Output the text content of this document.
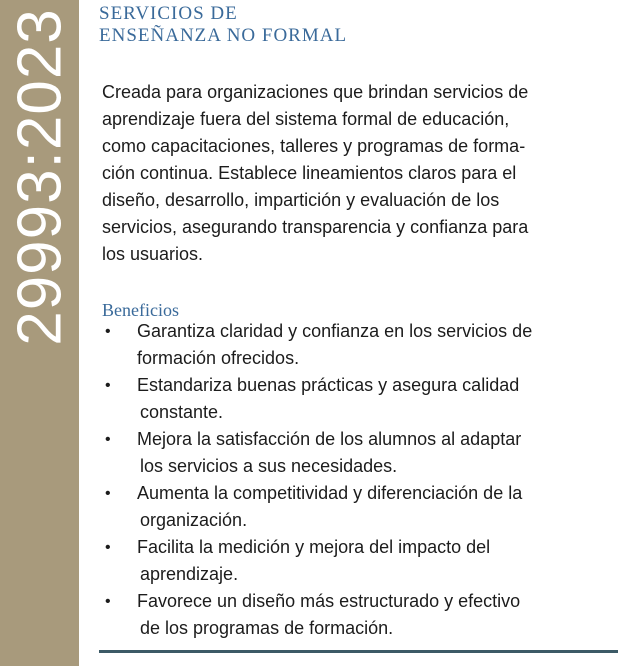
29993:2023 SERVICIOS DE
ENSEÑANZA NO FORMAL

Creada para organizaciones que brindan servicios de
aprendizaje fuera del sistema formal de educación,
como capacitaciones, talleres y programas de forma-
ción continua. Establece lineamientos claros para el
diseño, desarrollo, impartición y evaluación de los
servicios, asegurando transparencia y confianza para
los usuarios.

Beneficios
• Garantiza claridad y confianza en los servicios de
formación ofrecidos.
• Estandariza buenas prácticas y asegura calidad
constante.
• Mejora la satisfacción de los alumnos al adaptar
los servicios a sus necesidades.
• Aumenta la competitividad y diferenciación de la
organización.
• Facilita la medición y mejora del impacto del
aprendizaje.
• Favorece un diseño más estructurado y efectivo
de los programas de formación.
